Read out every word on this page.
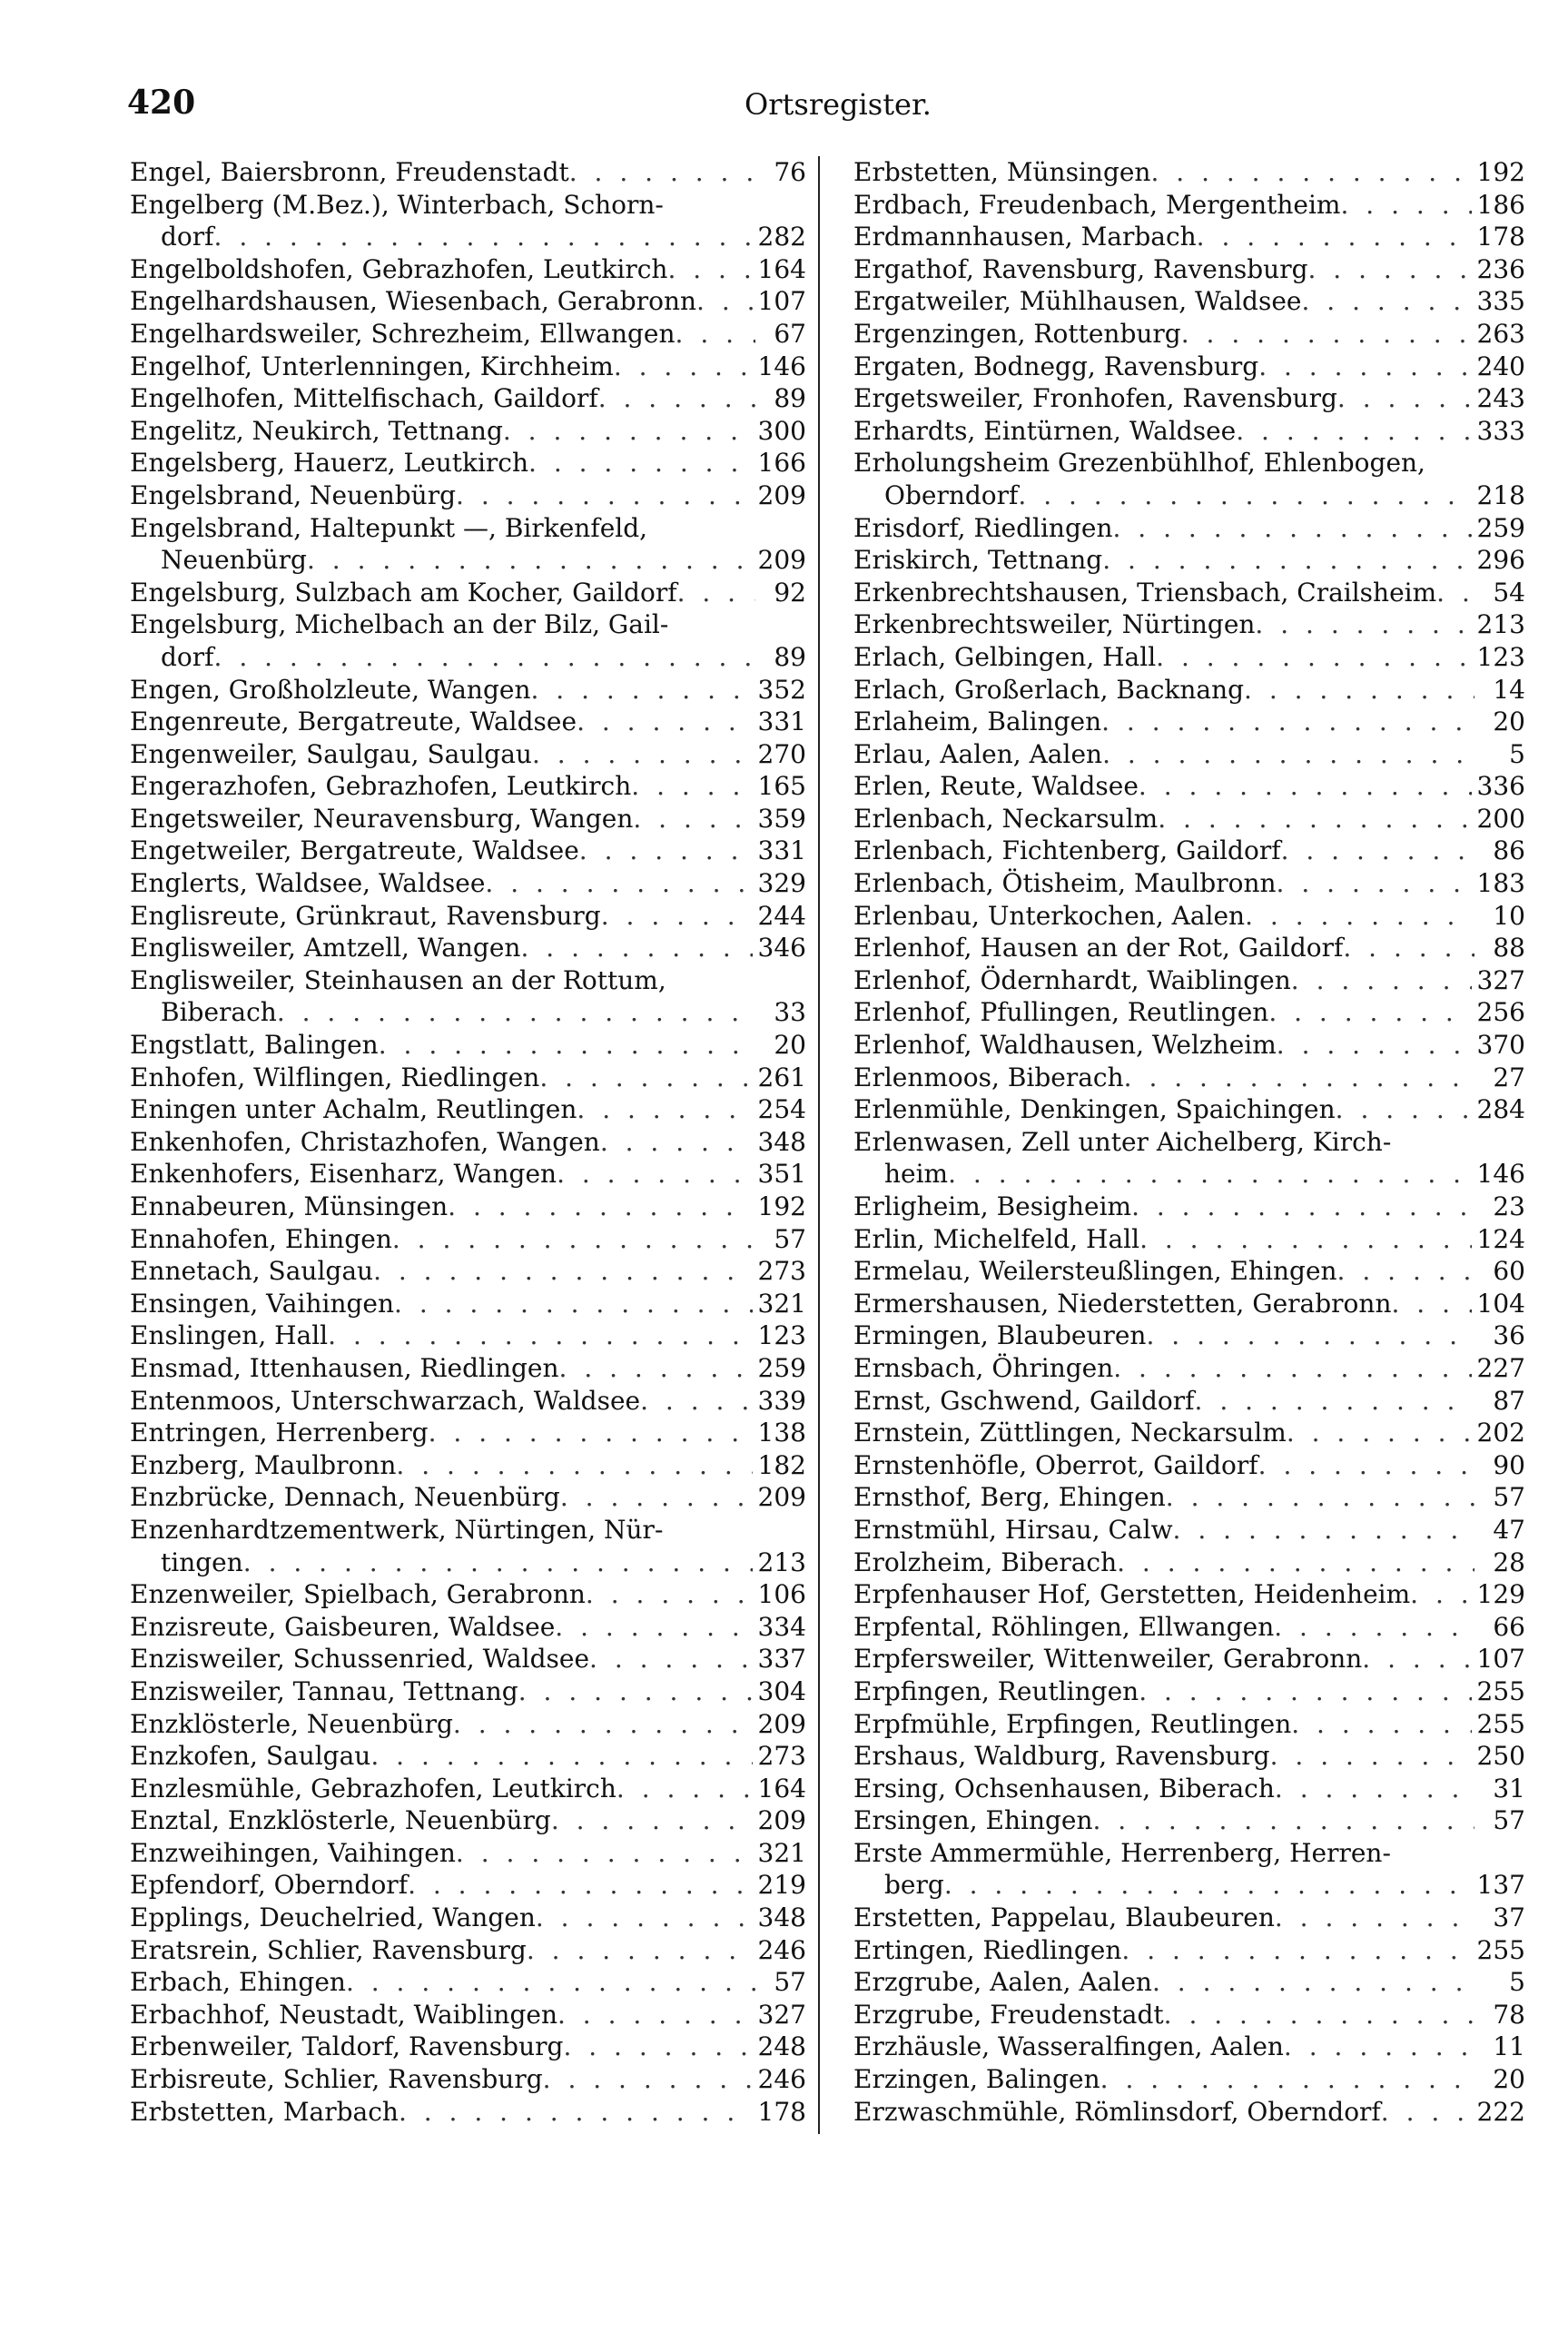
420	Ortsregister.
Engel, Baiersbronn, Freudenstadt . . .	76
Engelberg (M.Bez.), Winterbach, Schorn-
dorf . . .	282
Engelboldshofen, Gebrazhofen, Leutkirch . . .	164
Engelhardshausen, Wiesenbach, Gerabronn . . . 107
Engelhardsweiler, Schrezheim, Ellwangen . . .	67
Engelhof, Unterlenningen, Kirchheim . . .	146
Engelhofen, Mittelfischach, Gaildorf . . .	89
Engelitz, Neukirch, Tettnang . . .	300
Engelsberg, Hauerz, Leutkirch . . .	166
Engelsbrand, Neuenbürg . . .	209
Engelsbrand, Haltepunkt —, Birkenfeld,
Neuenbürg . . .	209
Engelsburg, Sulzbach am Kocher, Gaildorf . . .	92
Engelsburg, Michelbach an der Bilz, Gail-
dorf . . .	89
Engen, Großholzleute, Wangen . . .	352
Engenreute, Bergatreute, Waldsee . . .	331
Engenweiler, Saulgau, Saulgau . . .	270
Engerazhofen, Gebrazhofen, Leutkirch . . .	165
Engetsweiler, Neuravensburg, Wangen . . .	359
Engetweiler, Bergatreute, Waldsee . . .	331
Englerts, Waldsee, Waldsee . . .	329
Englisreute, Grünkraut, Ravensburg . . .	244
Englisweiler, Amtzell, Wangen . . .	346
Englisweiler, Steinhausen an der Rottum,
Biberach . . .	33
Engstlatt, Balingen . . .	20
Enhofen, Wilflingen, Riedlingen . . .	261
Eningen unter Achalm, Reutlingen . . .	254
Enkenhofen, Christazhofen, Wangen . . .	348
Enkenhofers, Eisenharz, Wangen . . .	351
Ennabeuren, Münsingen . . .	192
Ennahofen, Ehingen . . .	57
Ennetach, Saulgau . . .	273
Ensingen, Vaihingen . . .	321
Enslingen, Hall . . .	123
Ensmad, Ittenhausen, Riedlingen . . .	259
Entenmoos, Unterschwarzach, Waldsee . . .	339
Entringen, Herrenberg . . .	138
Enzberg, Maulbronn . . .	182
Enzbrücke, Dennach, Neuenbürg . . .	209
Enzenhardtzementwerk, Nürtingen, Nür-
tingen . . .	213
Enzenweiler, Spielbach, Gerabronn . . .	106
Enzisreute, Gaisbeuren, Waldsee . . .	334
Enzisweiler, Schussenried, Waldsee . . .	337
Enzisweiler, Tannau, Tettnang . . .	304
Enzklösterle, Neuenbürg . . .	209
Enzkofen, Saulgau . . .	273
Enzlesmühle, Gebrazhofen, Leutkirch . . .	164
Enztal, Enzklösterle, Neuenbürg . . .	209
Enzweihingen, Vaihingen . . .	321
Epfendorf, Oberndorf . . .	219
Epplings, Deuchelried, Wangen . . .	348
Eratsrein, Schlier, Ravensburg . . .	246
Erbach, Ehingen . . .	57
Erbachhof, Neustadt, Waiblingen . . .	327
Erbenweiler, Taldorf, Ravensburg . . .	248
Erbisreute, Schlier, Ravensburg . . .	246
Erbstetten, Marbach . . .	178
Erbstetten, Münsingen . . .	192
Erdbach, Freudenbach, Mergentheim . . .	186
Erdmannhausen, Marbach . . .	178
Ergathof, Ravensburg, Ravensburg . . .	236
Ergatweiler, Mühlhausen, Waldsee . . .	335
Ergenzingen, Rottenburg . . .	263
Ergaten, Bodnegg, Ravensburg . . .	240
Ergetsweiler, Fronhofen, Ravensburg . . .	243
Erhardts, Eintürnen, Waldsee . . .	333
Erholungsheim Grezenbühlhof, Ehlenbogen,
Oberndorf . . .	218
Erisdorf, Riedlingen . . .	259
Eriskirch, Tettnang . . .	296
Erkenbrechtshausen, Triensbach, Crailsheim . . .	54
Erkenbrechtsweiler, Nürtingen . . .	213
Erlach, Gelbingen, Hall . . .	123
Erlach, Großerlach, Backnang . . .	14
Erlaheim, Balingen . . .	20
Erlau, Aalen, Aalen . . .	5
Erlen, Reute, Waldsee . . .	336
Erlenbach, Neckarsulm . . .	200
Erlenbach, Fichtenberg, Gaildorf . . .	86
Erlenbach, Ötisheim, Maulbronn . . .	183
Erlenbau, Unterkochen, Aalen . . .	10
Erlenhof, Hausen an der Rot, Gaildorf . . .	88
Erlenhof, Ödernhardt, Waiblingen . . .	327
Erlenhof, Pfullingen, Reutlingen . . .	256
Erlenhof, Waldhausen, Welzheim . . .	370
Erlenmoos, Biberach . . .	27
Erlenmühle, Denkingen, Spaichingen . . .	284
Erlenwasen, Zell unter Aichelberg, Kirch-
heim . . .	146
Erligheim, Besigheim . . .	23
Erlin, Michelfeld, Hall . . .	124
Ermelau, Weilersteußlingen, Ehingen . . .	60
Ermershausen, Niederstetten, Gerabronn . . .	104
Ermingen, Blaubeuren . . .	36
Ernsbach, Öhringen . . .	227
Ernst, Gschwend, Gaildorf . . .	87
Ernstein, Züttlingen, Neckarsulm . . .	202
Ernstenhöfle, Oberrot, Gaildorf . . .	90
Ernsthof, Berg, Ehingen . . .	57
Ernstmühl, Hirsau, Calw . . .	47
Erolzheim, Biberach . . .	28
Erpfenhauser Hof, Gerstetten, Heidenheim . . .	129
Erpfental, Röhlingen, Ellwangen . . .	66
Erpfersweiler, Wittenweiler, Gerabronn . . .	107
Erpfingen, Reutlingen . . .	255
Erpfmühle, Erpfingen, Reutlingen . . .	255
Ershaus, Waldburg, Ravensburg . . .	250
Ersing, Ochsenhausen, Biberach . . .	31
Ersingen, Ehingen . . .	57
Erste Ammermühle, Herrenberg, Herren-
berg . . .	137
Erstetten, Pappelau, Blaubeuren . . .	37
Ertingen, Riedlingen . . .	255
Erzgrube, Aalen, Aalen . . .	5
Erzgrube, Freudenstadt . . .	78
Erzhäusle, Wasseralfingen, Aalen . . .	11
Erzingen, Balingen . . .	20
Erzwaschmühle, Römlinsdorf, Oberndorf . . .	222
